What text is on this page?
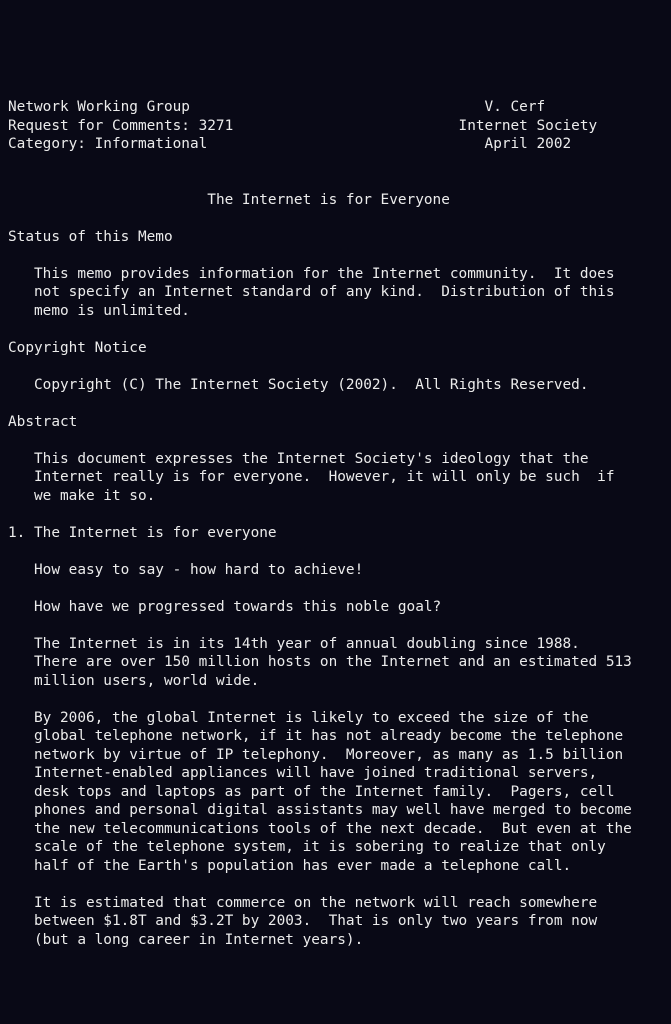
Network Working Group	V. Cerf
Request for Comments: 3271	Internet Society
Category: Informational	April 2002

The Internet is for Everyone

Status of this Memo

This memo provides information for the Internet community.  It does
not specify an Internet standard of any kind.  Distribution of this
memo is unlimited.

Copyright Notice

Copyright (C) The Internet Society (2002).  All Rights Reserved.

Abstract

This document expresses the Internet Society's ideology that the
Internet really is for everyone.  However, it will only be such  if
we make it so.

1. The Internet is for everyone

How easy to say - how hard to achieve!

How have we progressed towards this noble goal?

The Internet is in its 14th year of annual doubling since 1988.
There are over 150 million hosts on the Internet and an estimated 513
million users, world wide.

By 2006, the global Internet is likely to exceed the size of the
global telephone network, if it has not already become the telephone
network by virtue of IP telephony.  Moreover, as many as 1.5 billion
Internet-enabled appliances will have joined traditional servers,
desk tops and laptops as part of the Internet family.  Pagers, cell
phones and personal digital assistants may well have merged to become
the new telecommunications tools of the next decade.  But even at the
scale of the telephone system, it is sobering to realize that only
half of the Earth's population has ever made a telephone call.

It is estimated that commerce on the network will reach somewhere
between $1.8T and $3.2T by 2003.  That is only two years from now
(but a long career in Internet years).
